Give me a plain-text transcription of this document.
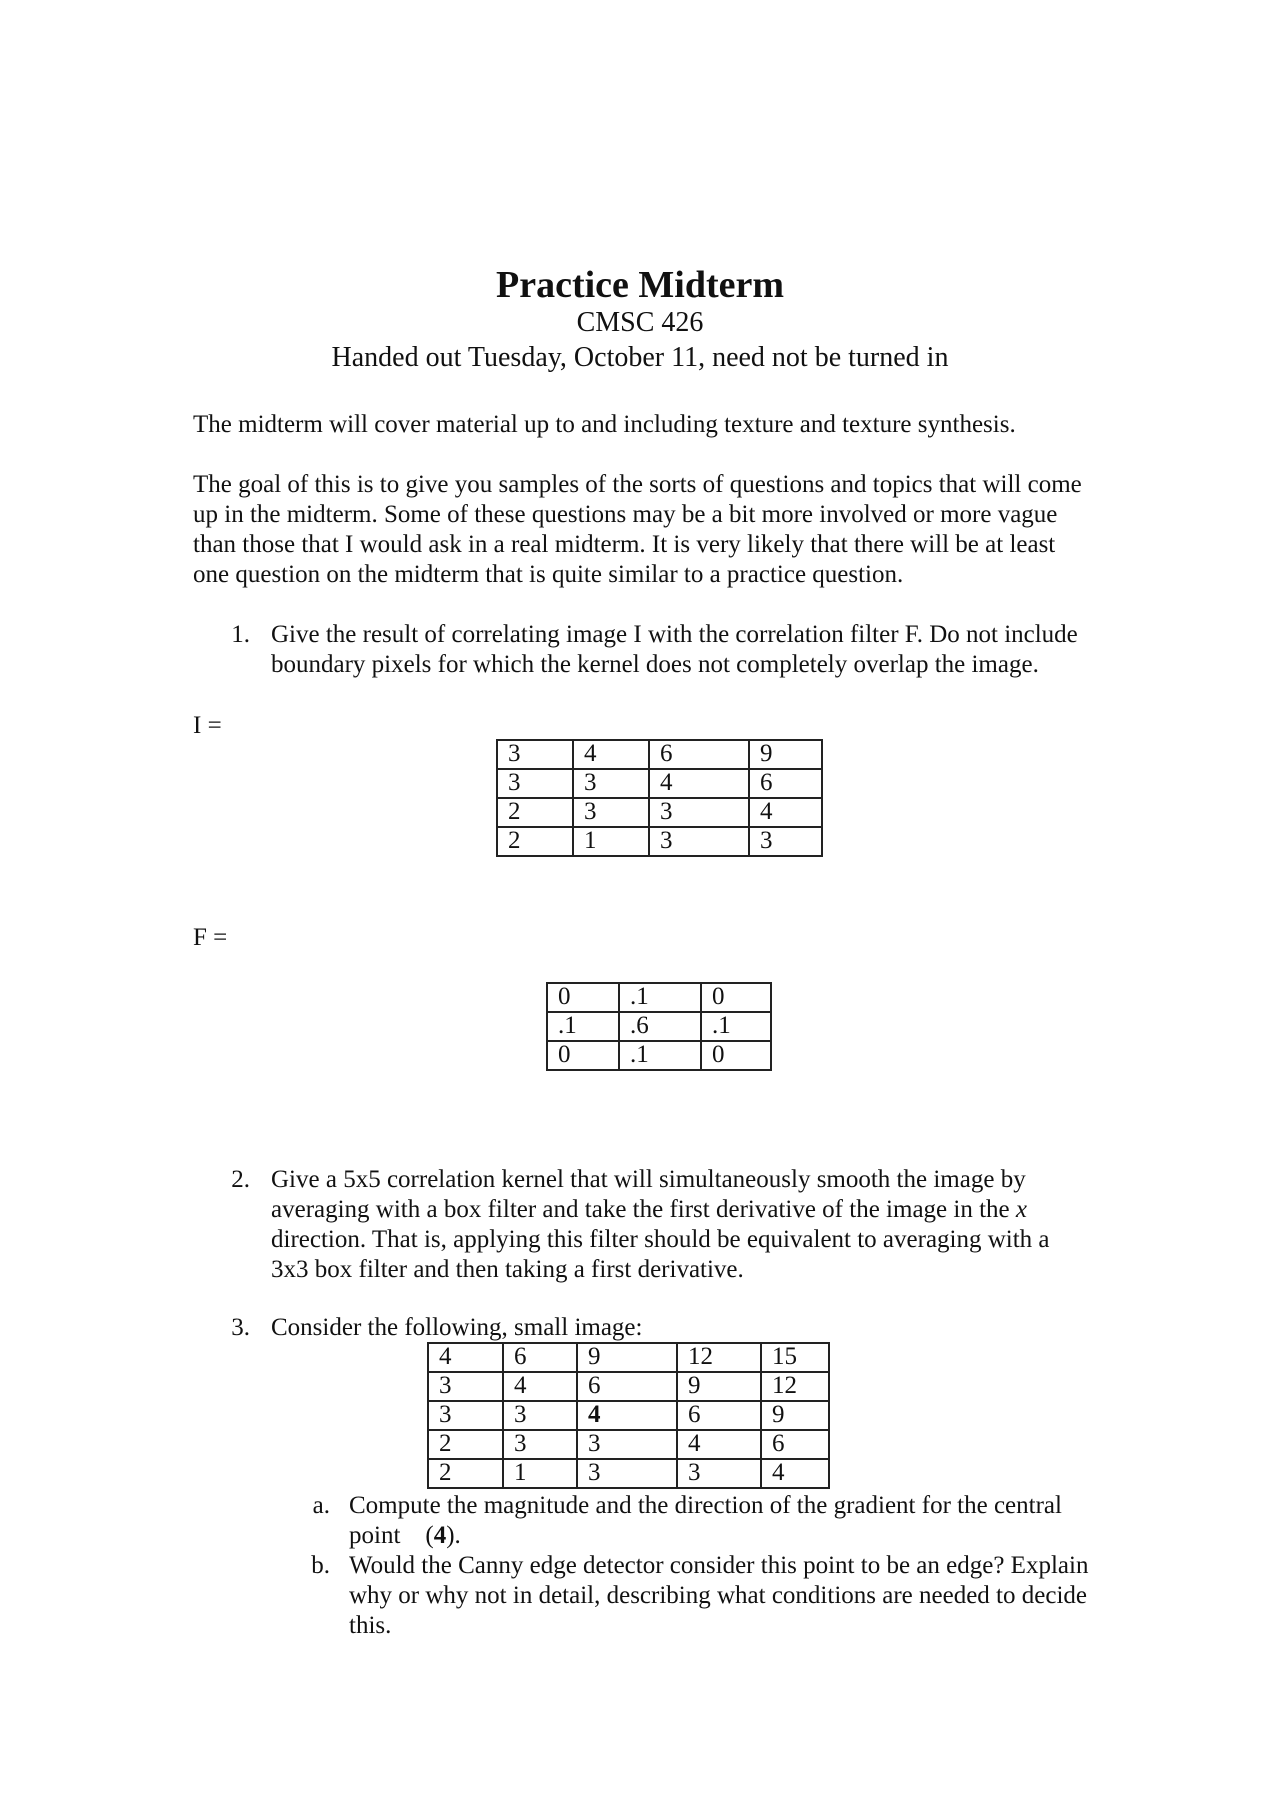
Practice Midterm
CMSC 426
Handed out Tuesday, October 11, need not be turned in
The midterm will cover material up to and including texture and texture synthesis.
The goal of this is to give you samples of the sorts of questions and topics that will come
up in the midterm. Some of these questions may be a bit more involved or more vague
than those that I would ask in a real midterm. It is very likely that there will be at least
one question on the midterm that is quite similar to a practice question.
1. Give the result of correlating image I with the correlation filter F. Do not include
boundary pixels for which the kernel does not completely overlap the image.
I =
3	4	6	9
3	3	4	6
2	3	3	4
2	1	3	3
F =
0	.1	0
.1	.6	.1
0	.1	0
2. Give a 5x5 correlation kernel that will simultaneously smooth the image by
averaging with a box filter and take the first derivative of the image in the x
direction. That is, applying this filter should be equivalent to averaging with a
3x3 box filter and then taking a first derivative.
3. Consider the following, small image:
4	6	9	12	15
3	4	6	9	12
3	3	4	6	9
2	3	3	4	6
2	1	3	3	4
a. Compute the magnitude and the direction of the gradient for the central
point    (4).
b. Would the Canny edge detector consider this point to be an edge? Explain
why or why not in detail, describing what conditions are needed to decide
this.
